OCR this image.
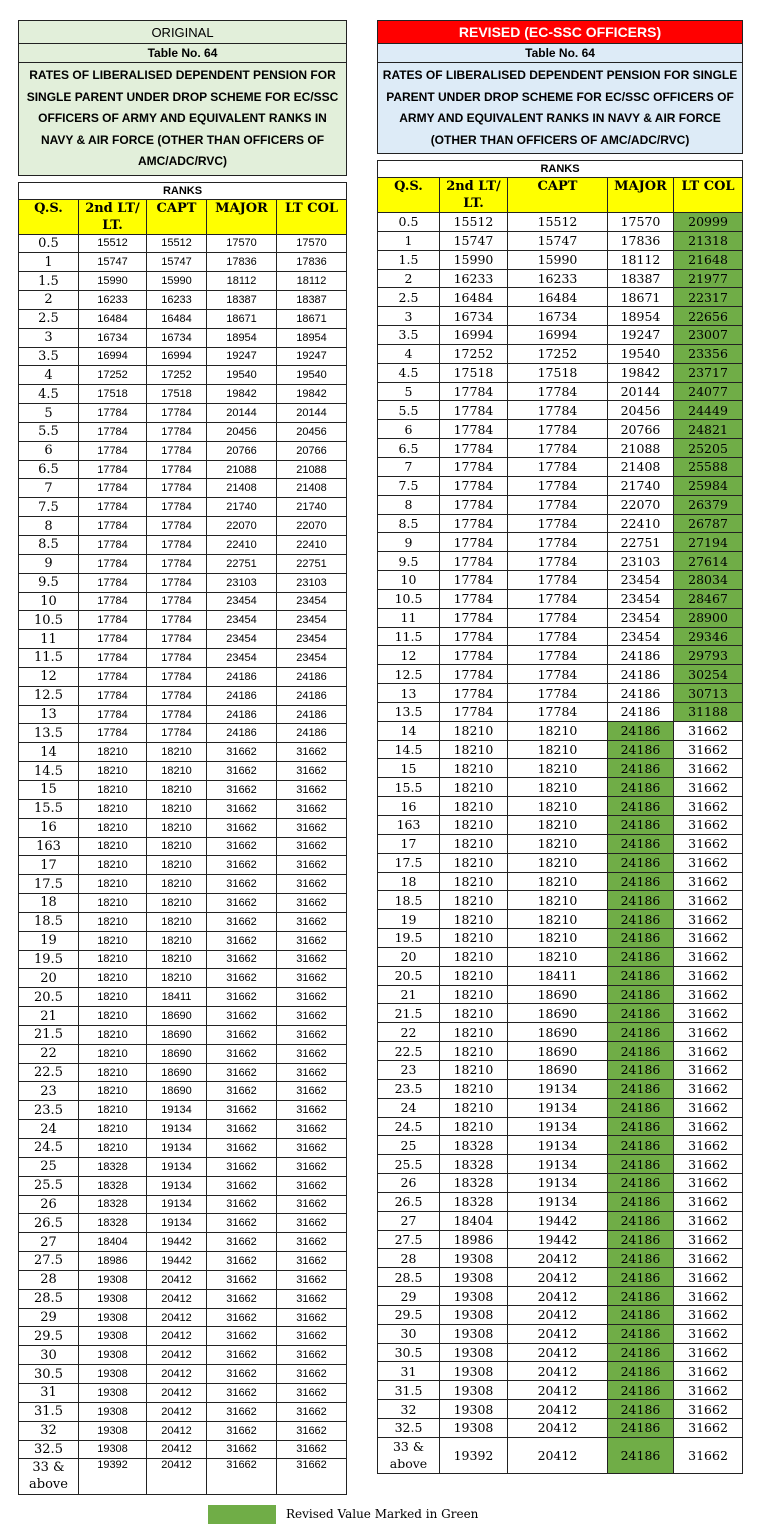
ORIGINAL				
Table No. 64				
RATES OF LIBERALISED DEPENDENT PENSION FOR SINGLE PARENT UNDER DROP SCHEME FOR EC/SSC OFFICERS OF ARMY AND EQUIVALENT RANKS IN NAVY & AIR FORCE (OTHER THAN OFFICERS OF AMC/ADC/RVC)				

RANKS				
Q.S.	2nd LT/ LT.	CAPT	MAJOR	LT COL
0.5	15512	15512	17570	17570
1	15747	15747	17836	17836
1.5	15990	15990	18112	18112
2	16233	16233	18387	18387
2.5	16484	16484	18671	18671
3	16734	16734	18954	18954
3.5	16994	16994	19247	19247
4	17252	17252	19540	19540
4.5	17518	17518	19842	19842
5	17784	17784	20144	20144
5.5	17784	17784	20456	20456
6	17784	17784	20766	20766
6.5	17784	17784	21088	21088
7	17784	17784	21408	21408
7.5	17784	17784	21740	21740
8	17784	17784	22070	22070
8.5	17784	17784	22410	22410
9	17784	17784	22751	22751
9.5	17784	17784	23103	23103
10	17784	17784	23454	23454
10.5	17784	17784	23454	23454
11	17784	17784	23454	23454
11.5	17784	17784	23454	23454
12	17784	17784	24186	24186
12.5	17784	17784	24186	24186
13	17784	17784	24186	24186
13.5	17784	17784	24186	24186
14	18210	18210	31662	31662
14.5	18210	18210	31662	31662
15	18210	18210	31662	31662
15.5	18210	18210	31662	31662
16	18210	18210	31662	31662
163	18210	18210	31662	31662
17	18210	18210	31662	31662
17.5	18210	18210	31662	31662
18	18210	18210	31662	31662
18.5	18210	18210	31662	31662
19	18210	18210	31662	31662
19.5	18210	18210	31662	31662
20	18210	18210	31662	31662
20.5	18210	18411	31662	31662
21	18210	18690	31662	31662
21.5	18210	18690	31662	31662
22	18210	18690	31662	31662
22.5	18210	18690	31662	31662
23	18210	18690	31662	31662
23.5	18210	19134	31662	31662
24	18210	19134	31662	31662
24.5	18210	19134	31662	31662
25	18328	19134	31662	31662
25.5	18328	19134	31662	31662
26	18328	19134	31662	31662
26.5	18328	19134	31662	31662
27	18404	19442	31662	31662
27.5	18986	19442	31662	31662
28	19308	20412	31662	31662
28.5	19308	20412	31662	31662
29	19308	20412	31662	31662
29.5	19308	20412	31662	31662
30	19308	20412	31662	31662
30.5	19308	20412	31662	31662
31	19308	20412	31662	31662
31.5	19308	20412	31662	31662
32	19308	20412	31662	31662
32.5	19308	20412	31662	31662
33 & above	19392	20412	31662	31662
REVISED (EC-SSC OFFICERS)				
Table No. 64				
RATES OF LIBERALISED DEPENDENT PENSION FOR SINGLE PARENT UNDER DROP SCHEME FOR EC/SSC OFFICERS OF ARMY AND EQUIVALENT RANKS IN NAVY & AIR FORCE (OTHER THAN OFFICERS OF AMC/ADC/RVC)				

RANKS				
Q.S.	2nd LT/ LT.	CAPT	MAJOR	LT COL
0.5	15512	15512	17570	20999
1	15747	15747	17836	21318
1.5	15990	15990	18112	21648
2	16233	16233	18387	21977
2.5	16484	16484	18671	22317
3	16734	16734	18954	22656
3.5	16994	16994	19247	23007
4	17252	17252	19540	23356
4.5	17518	17518	19842	23717
5	17784	17784	20144	24077
5.5	17784	17784	20456	24449
6	17784	17784	20766	24821
6.5	17784	17784	21088	25205
7	17784	17784	21408	25588
7.5	17784	17784	21740	25984
8	17784	17784	22070	26379
8.5	17784	17784	22410	26787
9	17784	17784	22751	27194
9.5	17784	17784	23103	27614
10	17784	17784	23454	28034
10.5	17784	17784	23454	28467
11	17784	17784	23454	28900
11.5	17784	17784	23454	29346
12	17784	17784	24186	29793
12.5	17784	17784	24186	30254
13	17784	17784	24186	30713
13.5	17784	17784	24186	31188
14	18210	18210	24186	31662
14.5	18210	18210	24186	31662
15	18210	18210	24186	31662
15.5	18210	18210	24186	31662
16	18210	18210	24186	31662
163	18210	18210	24186	31662
17	18210	18210	24186	31662
17.5	18210	18210	24186	31662
18	18210	18210	24186	31662
18.5	18210	18210	24186	31662
19	18210	18210	24186	31662
19.5	18210	18210	24186	31662
20	18210	18210	24186	31662
20.5	18210	18411	24186	31662
21	18210	18690	24186	31662
21.5	18210	18690	24186	31662
22	18210	18690	24186	31662
22.5	18210	18690	24186	31662
23	18210	18690	24186	31662
23.5	18210	19134	24186	31662
24	18210	19134	24186	31662
24.5	18210	19134	24186	31662
25	18328	19134	24186	31662
25.5	18328	19134	24186	31662
26	18328	19134	24186	31662
26.5	18328	19134	24186	31662
27	18404	19442	24186	31662
27.5	18986	19442	24186	31662
28	19308	20412	24186	31662
28.5	19308	20412	24186	31662
29	19308	20412	24186	31662
29.5	19308	20412	24186	31662
30	19308	20412	24186	31662
30.5	19308	20412	24186	31662
31	19308	20412	24186	31662
31.5	19308	20412	24186	31662
32	19308	20412	24186	31662
32.5	19308	20412	24186	31662
33 & above	19392	20412	24186	31662
Revised Value Marked in Green
